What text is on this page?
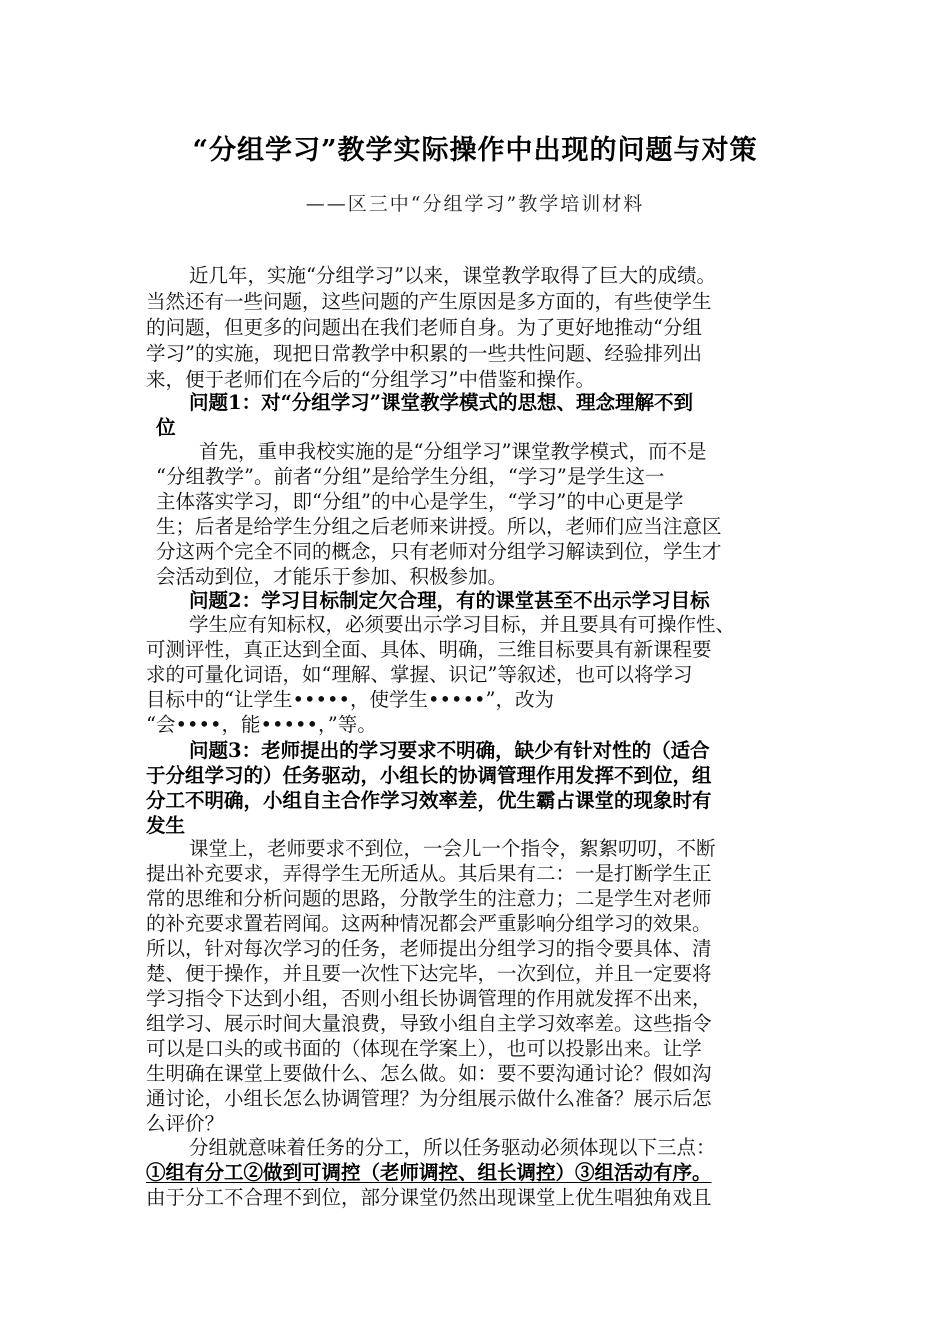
“分组学习”教学实际操作中出现的问题与对策
——区三中“分组学习”教学培训材料
近几年，实施“分组学习”以来，课堂教学取得了巨大的成绩。
当然还有一些问题，这些问题的产生原因是多方面的，有些使学生
的问题，但更多的问题出在我们老师自身。为了更好地推动“分组
学习”的实施，现把日常教学中积累的一些共性问题、经验排列出
来，便于老师们在今后的“分组学习”中借鉴和操作。
问题1：对“分组学习”课堂教学模式的思想、理念理解不到
位
首先，重申我校实施的是“分组学习”课堂教学模式，而不是
“分组教学”。前者“分组”是给学生分组，“学习”是学生这一
主体落实学习，即“分组”的中心是学生，“学习”的中心更是学
生；后者是给学生分组之后老师来讲授。所以，老师们应当注意区
分这两个完全不同的概念，只有老师对分组学习解读到位，学生才
会活动到位，才能乐于参加、积极参加。
问题2：学习目标制定欠合理，有的课堂甚至不出示学习目标
学生应有知标权，必须要出示学习目标，并且要具有可操作性、
可测评性，真正达到全面、具体、明确，三维目标要具有新课程要
求的可量化词语，如“理解、掌握、识记”等叙述，也可以将学习
目标中的“让学生•••••，使学生•••••”，改为
“会••••，能•••••，”等。
问题3：老师提出的学习要求不明确，缺少有针对性的（适合
于分组学习的）任务驱动，小组长的协调管理作用发挥不到位，组
分工不明确，小组自主合作学习效率差，优生霸占课堂的现象时有
发生
课堂上，老师要求不到位，一会儿一个指令，絮絮叨叨，不断
提出补充要求，弄得学生无所适从。其后果有二：一是打断学生正
常的思维和分析问题的思路，分散学生的注意力；二是学生对老师
的补充要求置若罔闻。这两种情况都会严重影响分组学习的效果。
所以，针对每次学习的任务，老师提出分组学习的指令要具体、清
楚、便于操作，并且要一次性下达完毕，一次到位，并且一定要将
学习指令下达到小组，否则小组长协调管理的作用就发挥不出来，
组学习、展示时间大量浪费，导致小组自主学习效率差。这些指令
可以是口头的或书面的（体现在学案上），也可以投影出来。让学
生明确在课堂上要做什么、怎么做。如：要不要沟通讨论？假如沟
通讨论，小组长怎么协调管理？为分组展示做什么准备？展示后怎
么评价？
分组就意味着任务的分工，所以任务驱动必须体现以下三点：
①组有分工②做到可调控（老师调控、组长调控）③组活动有序。
由于分工不合理不到位，部分课堂仍然出现课堂上优生唱独角戏且
